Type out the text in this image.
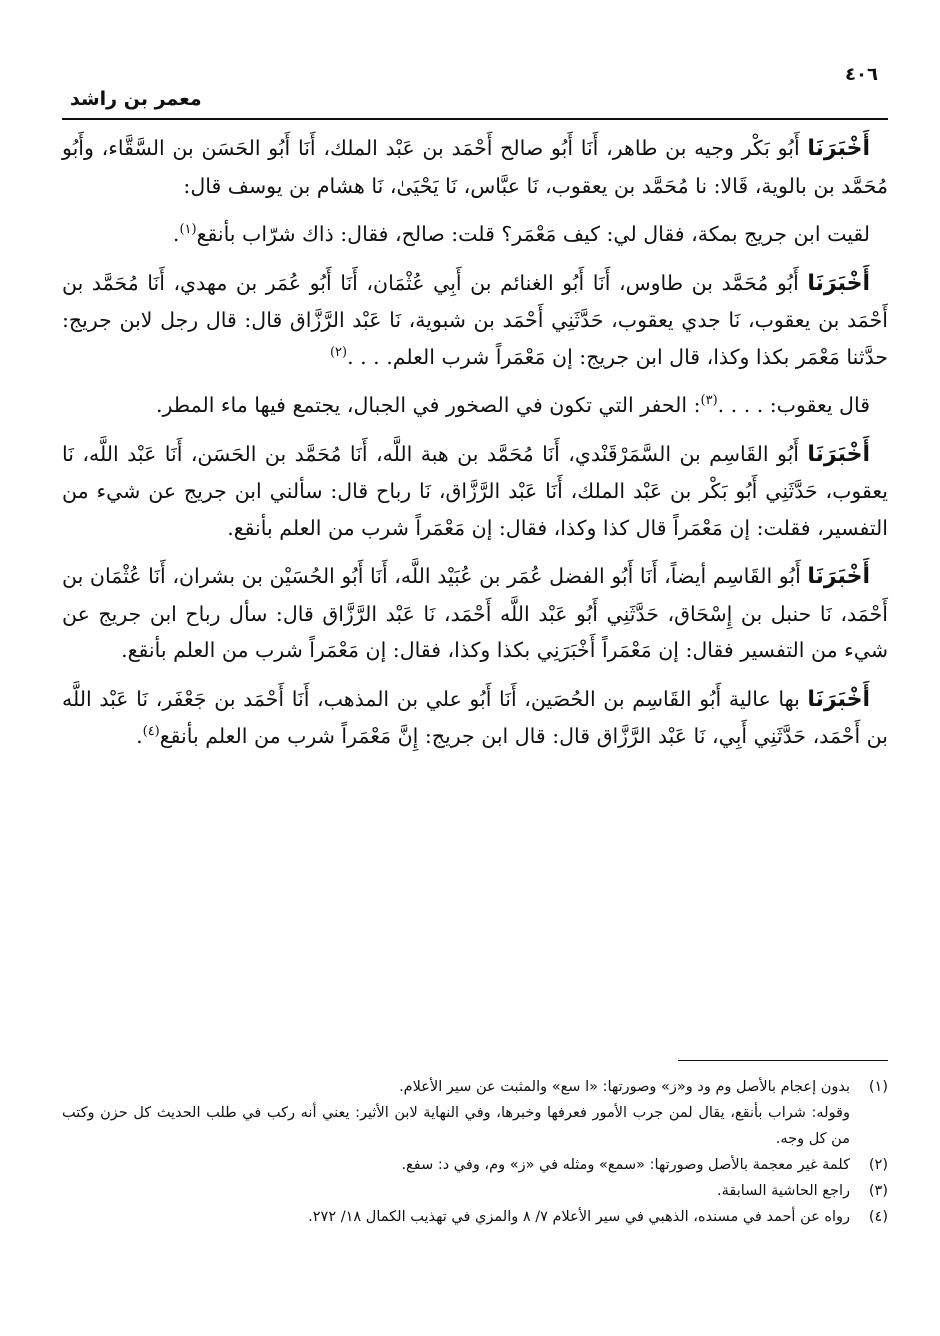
٤٠٦
معمر بن راشد

أَخْبَرَنَا أَبُو بَكْر وجيه بن طاهر، أَنَا أَبُو صالح أَحْمَد بن عَبْد الملك، أَنَا أَبُو الحَسَن بن السَّقَّاء، وأَبُو مُحَمَّد بن بالوية، قَالا: نا مُحَمَّد بن يعقوب، نَا عبَّاس، نَا يَحْيَىٰ، نَا هشام بن يوسف قال:

لقيت ابن جريج بمكة، فقال لي: كيف مَعْمَر؟ قلت: صالح، فقال: ذاك شرّاب بأنقع$^{(١)}$.

أَخْبَرَنَا أَبُو مُحَمَّد بن طاوس، أَنَا أَبُو الغنائم بن أَبِي عُثْمَان، أَنَا أَبُو عُمَر بن مهدي، أَنَا مُحَمَّد بن أَحْمَد بن يعقوب، نَا جدي يعقوب، حَدَّثَنِي أَحْمَد بن شبوية، نَا عَبْد الرَّزَّاق قال: قال رجل لابن جريج: حدَّثنا مَعْمَر بكذا وكذا، قال ابن جريج: إن مَعْمَراً شرب العلم. . . .$^{(٢)}$

قال يعقوب: . . . .$^{(٣)}$: الحفر التي تكون في الصخور في الجبال، يجتمع فيها ماء المطر.

أَخْبَرَنَا أَبُو القَاسِم بن السَّمَرْقَنْدي، أَنَا مُحَمَّد بن هبة اللَّه، أَنَا مُحَمَّد بن الحَسَن، أَنَا عَبْد اللَّه، نَا يعقوب، حَدَّثَنِي أَبُو بَكْر بن عَبْد الملك، أَنَا عَبْد الرَّزَّاق، نَا رباح قال: سألني ابن جريج عن شيء من التفسير، فقلت: إن مَعْمَراً قال كذا وكذا، فقال: إن مَعْمَراً شرب من العلم بأنقع.

أَخْبَرَنَا أَبُو القَاسِم أيضاً، أَنَا أَبُو الفضل عُمَر بن عُبَيْد اللَّه، أَنَا أَبُو الحُسَيْن بن بشران، أَنَا عُثْمَان بن أَحْمَد، نَا حنبل بن إِسْحَاق، حَدَّثَنِي أَبُو عَبْد اللَّه أَحْمَد، نَا عَبْد الرَّزَّاق قال: سأل رباح ابن جريج عن شيء من التفسير فقال: إن مَعْمَراً أَخْبَرَنِي بكذا وكذا، فقال: إن مَعْمَراً شرب من العلم بأنقع.

أَخْبَرَنَا بها عالية أَبُو القَاسِم بن الحُصَين، أَنَا أَبُو علي بن المذهب، أَنَا أَحْمَد بن جَعْفَر، نَا عَبْد اللَّه بن أَحْمَد، حَدَّثَنِي أَبِي، نَا عَبْد الرَّزَّاق قال: قال ابن جريج: إِنَّ مَعْمَراً شرب من العلم بأنقع$^{(٤)}$.

(١)
بدون إعجام بالأصل وم ود و«ز» وصورتها: «ا سع» والمثبت عن سير الأعلام.

وقوله: شراب بأنقع، يقال لمن جرب الأمور فعرفها وخبرها، وفي النهاية لابن الأثير: يعني أنه ركب في طلب الحديث كل حزن وكتب من كل وجه.

(٢)
كلمة غير معجمة بالأصل وصورتها: «سمع» ومثله في «ز» وم، وفي د: سفع.

(٣)
راجع الحاشية السابقة.

(٤)
رواه عن أحمد في مسنده، الذهبي في سير الأعلام ٧/ ٨ والمزي في تهذيب الكمال ١٨/ ٢٧٢.
